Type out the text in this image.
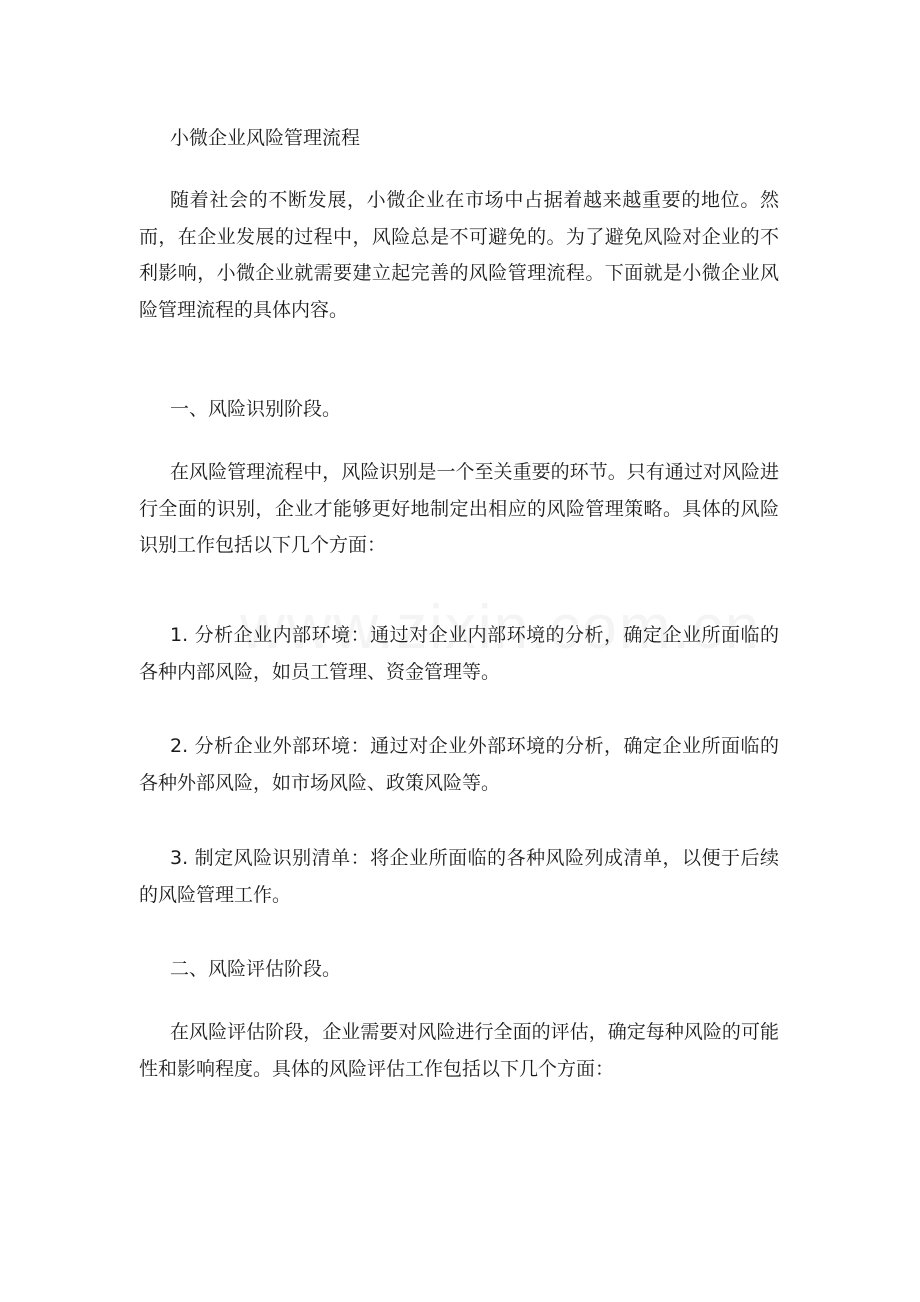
小微企业风险管理流程

随着社会的不断发展，小微企业在市场中占据着越来越重要的地位。然而，在企业发展的过程中，风险总是不可避免的。为了避免风险对企业的不利影响，小微企业就需要建立起完善的风险管理流程。下面就是小微企业风险管理流程的具体内容。

一、风险识别阶段。

在风险管理流程中，风险识别是一个至关重要的环节。只有通过对风险进行全面的识别，企业才能够更好地制定出相应的风险管理策略。具体的风险识别工作包括以下几个方面：

1. 分析企业内部环境：通过对企业内部环境的分析，确定企业所面临的各种内部风险，如员工管理、资金管理等。

2. 分析企业外部环境：通过对企业外部环境的分析，确定企业所面临的各种外部风险，如市场风险、政策风险等。

3. 制定风险识别清单：将企业所面临的各种风险列成清单，以便于后续的风险管理工作。

二、风险评估阶段。

在风险评估阶段，企业需要对风险进行全面的评估，确定每种风险的可能性和影响程度。具体的风险评估工作包括以下几个方面：
